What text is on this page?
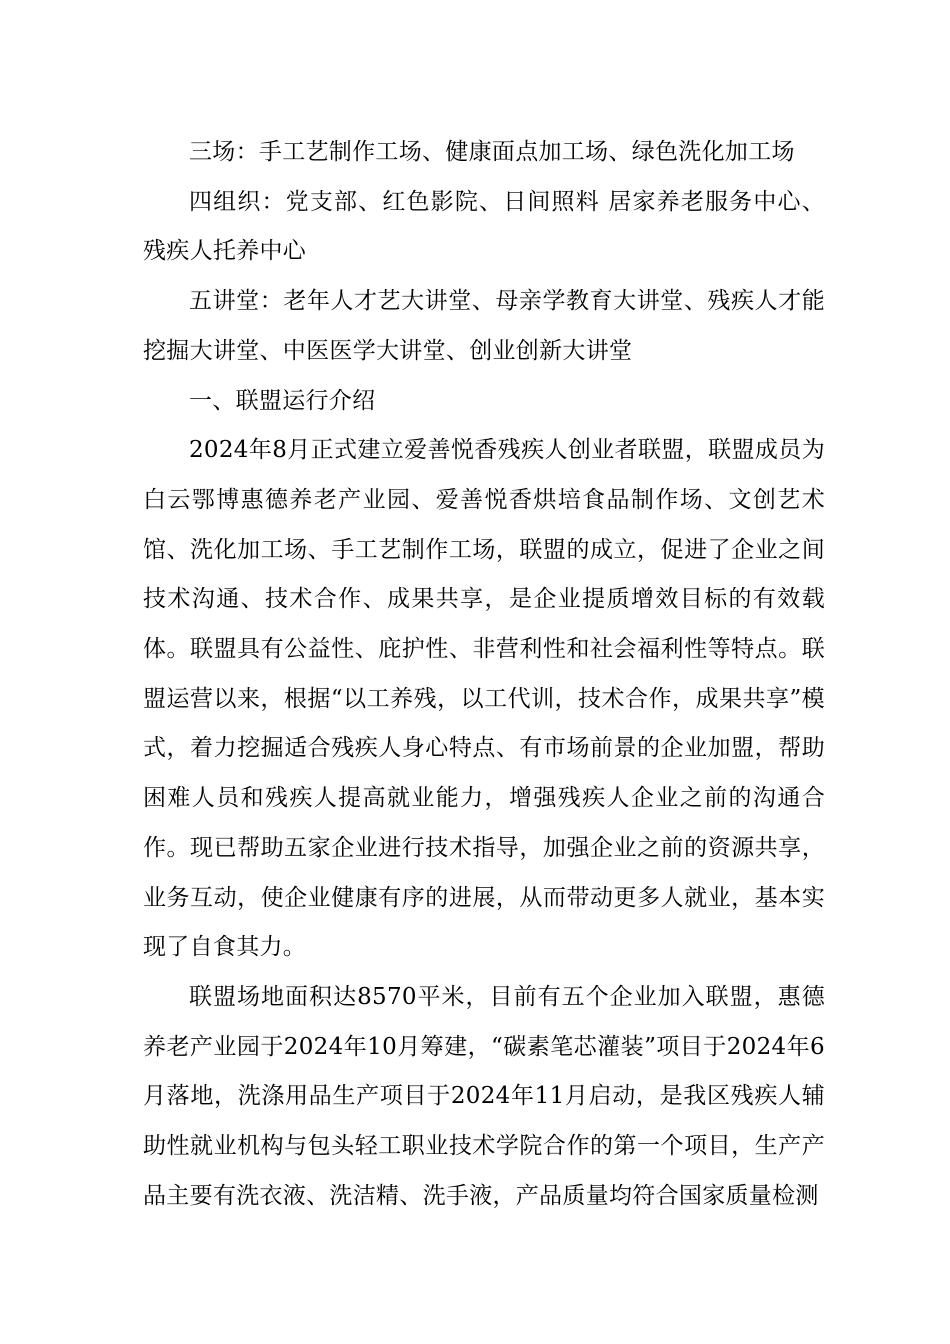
三场：手工艺制作工场、健康面点加工场、绿色洗化加工场

四组织：党支部、红色影院、日间照料 居家养老服务中心、残疾人托养中心

五讲堂：老年人才艺大讲堂、母亲学教育大讲堂、残疾人才能挖掘大讲堂、中医医学大讲堂、创业创新大讲堂

一、联盟运行介绍

2024年8月正式建立爱善悦香残疾人创业者联盟，联盟成员为白云鄂博惠德养老产业园、爱善悦香烘培食品制作场、文创艺术馆、洗化加工场、手工艺制作工场，联盟的成立，促进了企业之间技术沟通、技术合作、成果共享，是企业提质增效目标的有效载体。联盟具有公益性、庇护性、非营利性和社会福利性等特点。联盟运营以来，根据“以工养残，以工代训，技术合作，成果共享”模式，着力挖掘适合残疾人身心特点、有市场前景的企业加盟，帮助困难人员和残疾人提高就业能力，增强残疾人企业之前的沟通合作。现已帮助五家企业进行技术指导，加强企业之前的资源共享，业务互动，使企业健康有序的进展，从而带动更多人就业，基本实现了自食其力。

联盟场地面积达8570平米，目前有五个企业加入联盟，惠德养老产业园于2024年10月筹建，“碳素笔芯灌装”项目于2024年6月落地，洗涤用品生产项目于2024年11月启动，是我区残疾人辅助性就业机构与包头轻工职业技术学院合作的第一个项目，生产产品主要有洗衣液、洗洁精、洗手液，产品质量均符合国家质量检测
